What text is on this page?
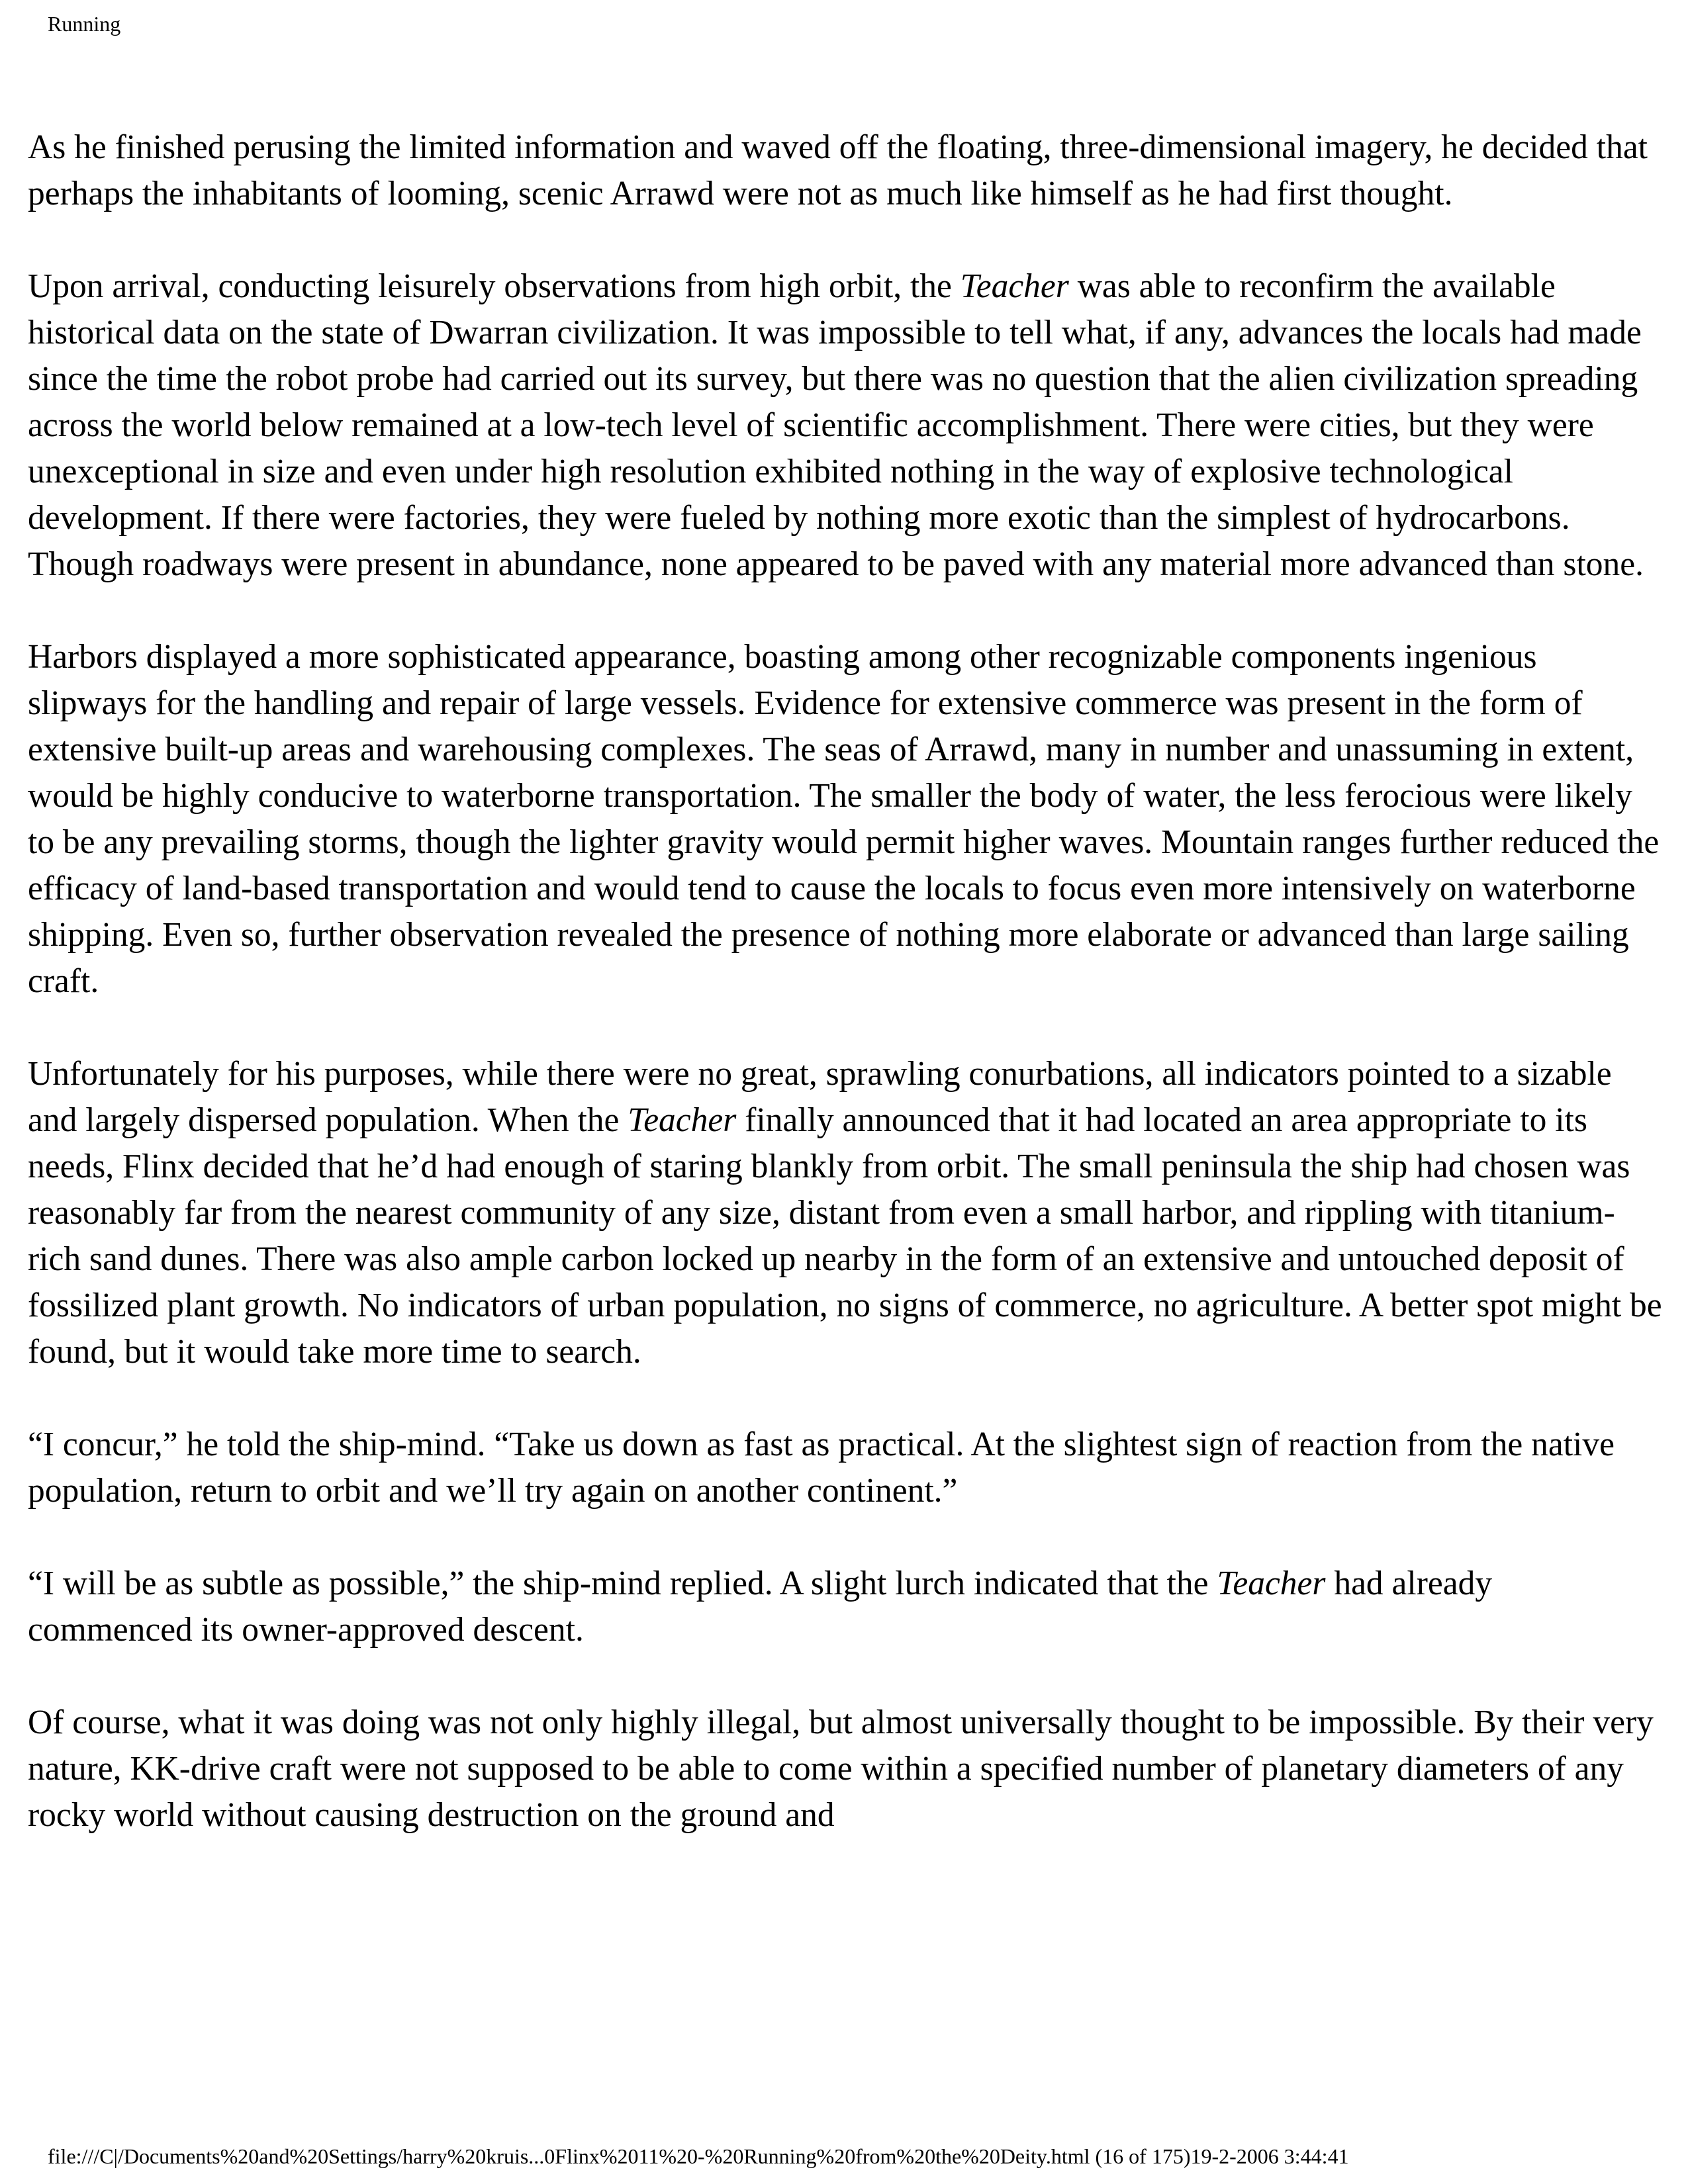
Running

As he finished perusing the limited information and waved off the floating, three-dimensional imagery, he decided that perhaps the inhabitants of looming, scenic Arrawd were not as much like himself as he had first thought.

Upon arrival, conducting leisurely observations from high orbit, the Teacher was able to reconfirm the available historical data on the state of Dwarran civilization. It was impossible to tell what, if any, advances the locals had made since the time the robot probe had carried out its survey, but there was no question that the alien civilization spreading across the world below remained at a low-tech level of scientific accomplishment. There were cities, but they were unexceptional in size and even under high resolution exhibited nothing in the way of explosive technological development. If there were factories, they were fueled by nothing more exotic than the simplest of hydrocarbons. Though roadways were present in abundance, none appeared to be paved with any material more advanced than stone.

Harbors displayed a more sophisticated appearance, boasting among other recognizable components ingenious slipways for the handling and repair of large vessels. Evidence for extensive commerce was present in the form of extensive built-up areas and warehousing complexes. The seas of Arrawd, many in number and unassuming in extent, would be highly conducive to waterborne transportation. The smaller the body of water, the less ferocious were likely to be any prevailing storms, though the lighter gravity would permit higher waves. Mountain ranges further reduced the efficacy of land-based transportation and would tend to cause the locals to focus even more intensively on waterborne shipping. Even so, further observation revealed the presence of nothing more elaborate or advanced than large sailing craft.

Unfortunately for his purposes, while there were no great, sprawling conurbations, all indicators pointed to a sizable and largely dispersed population. When the Teacher finally announced that it had located an area appropriate to its needs, Flinx decided that he’d had enough of staring blankly from orbit. The small peninsula the ship had chosen was reasonably far from the nearest community of any size, distant from even a small harbor, and rippling with titanium-rich sand dunes. There was also ample carbon locked up nearby in the form of an extensive and untouched deposit of fossilized plant growth. No indicators of urban population, no signs of commerce, no agriculture. A better spot might be found, but it would take more time to search.

“I concur,” he told the ship-mind. “Take us down as fast as practical. At the slightest sign of reaction from the native population, return to orbit and we’ll try again on another continent.”

“I will be as subtle as possible,” the ship-mind replied. A slight lurch indicated that the Teacher had already commenced its owner-approved descent.

Of course, what it was doing was not only highly illegal, but almost universally thought to be impossible. By their very nature, KK-drive craft were not supposed to be able to come within a specified number of planetary diameters of any rocky world without causing destruction on the ground and

file:///C|/Documents%20and%20Settings/harry%20kruis...0Flinx%2011%20-%20Running%20from%20the%20Deity.html (16 of 175)19-2-2006 3:44:41
